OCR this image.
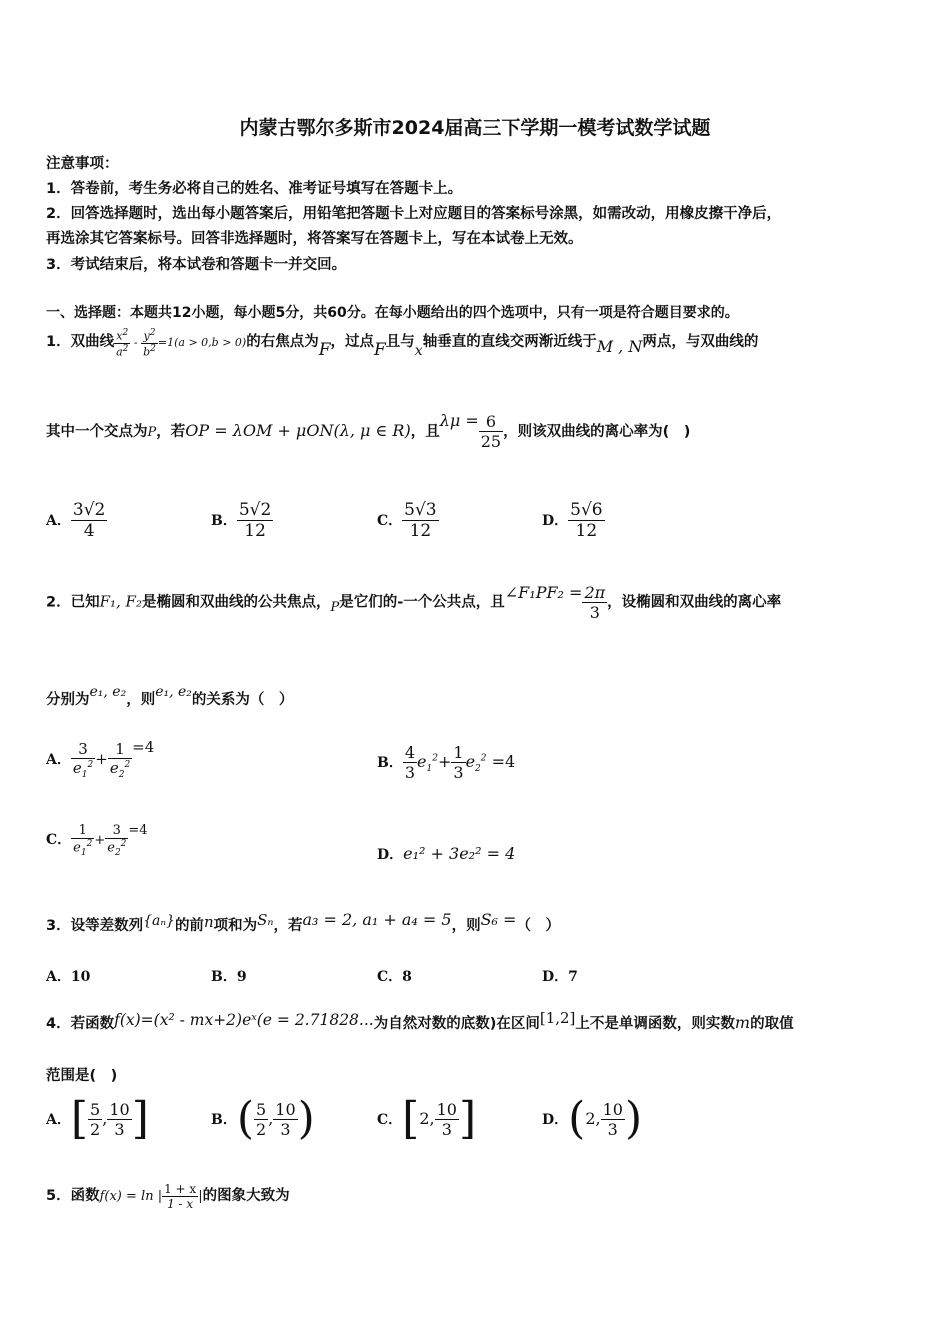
内蒙古鄂尔多斯市2024届高三下学期一模考试数学试题
注意事项：
1．答卷前，考生务必将自己的姓名、准考证号填写在答题卡上。
2．回答选择题时，选出每小题答案后，用铅笔把答题卡上对应题目的答案标号涂黑，如需改动，用橡皮擦干净后，
再选涂其它答案标号。回答非选择题时，将答案写在答题卡上，写在本试卷上无效。
3．考试结束后，将本试卷和答题卡一并交回。
一、选择题：本题共12小题，每小题5分，共60分。在每小题给出的四个选项中，只有一项是符合题目要求的。
1．双曲线 $\frac{x^2}{a^2} - \frac{y^2}{b^2} =1(a > 0,b > 0)$的右焦点为F，过点F且与x轴垂直的直线交两渐近线于M , N两点，与双曲线的
其中一个交点为P，若OP = λOM + μON(λ, μ ∈ R)，且$\lambda\mu = \frac{6}{25}$ ，则该双曲线的离心率为(　)
A． $\frac{3√2}{4}$	B． $\frac{5√2}{12}$	C． $\frac{5√3}{12}$	D． $\frac{5√6}{12}$
2．已知F₁, F₂是椭圆和双曲线的公共焦点，P是它们的-一个公共点，且∠F₁PF₂ = $\frac{2\pi}{3}$ ，设椭圆和双曲线的离心率
分别为e₁, e₂，则e₁, e₂的关系为（　）
A． $\frac{3}{e_1^2} + \frac{1}{e_2^2} =4$
B． $\frac{4}{3} e_1^2+ \frac{1}{3} e_2^2 =4$
C． $\frac{1}{e_1^2} + \frac{3}{e_2^2} =4$
D．e₁² + 3e₂² = 4
3．设等差数列{aₙ}的前n项和为Sₙ，若a₃ = 2, a₁ + a₄ = 5，则S₆ =（　）
A．10	B．9	C．8	D．7
4．若函数f(x)=(x² - mx+2)eˣ(e = 2.71828...为自然对数的底数)在区间[1,2]上不是单调函数，则实数m的取值
范围是(　)
A．[ $\frac{5}{2}$ , $\frac{10}{3}$ ]	B．( $\frac{5}{2}$ , $\frac{10}{3}$ )	C．[2, $\frac{10}{3}$ ]	D．(2, $\frac{10}{3}$ )
5．函数f(x) = ln | $\frac{1 + x}{1 - x}$ |的图象大致为
